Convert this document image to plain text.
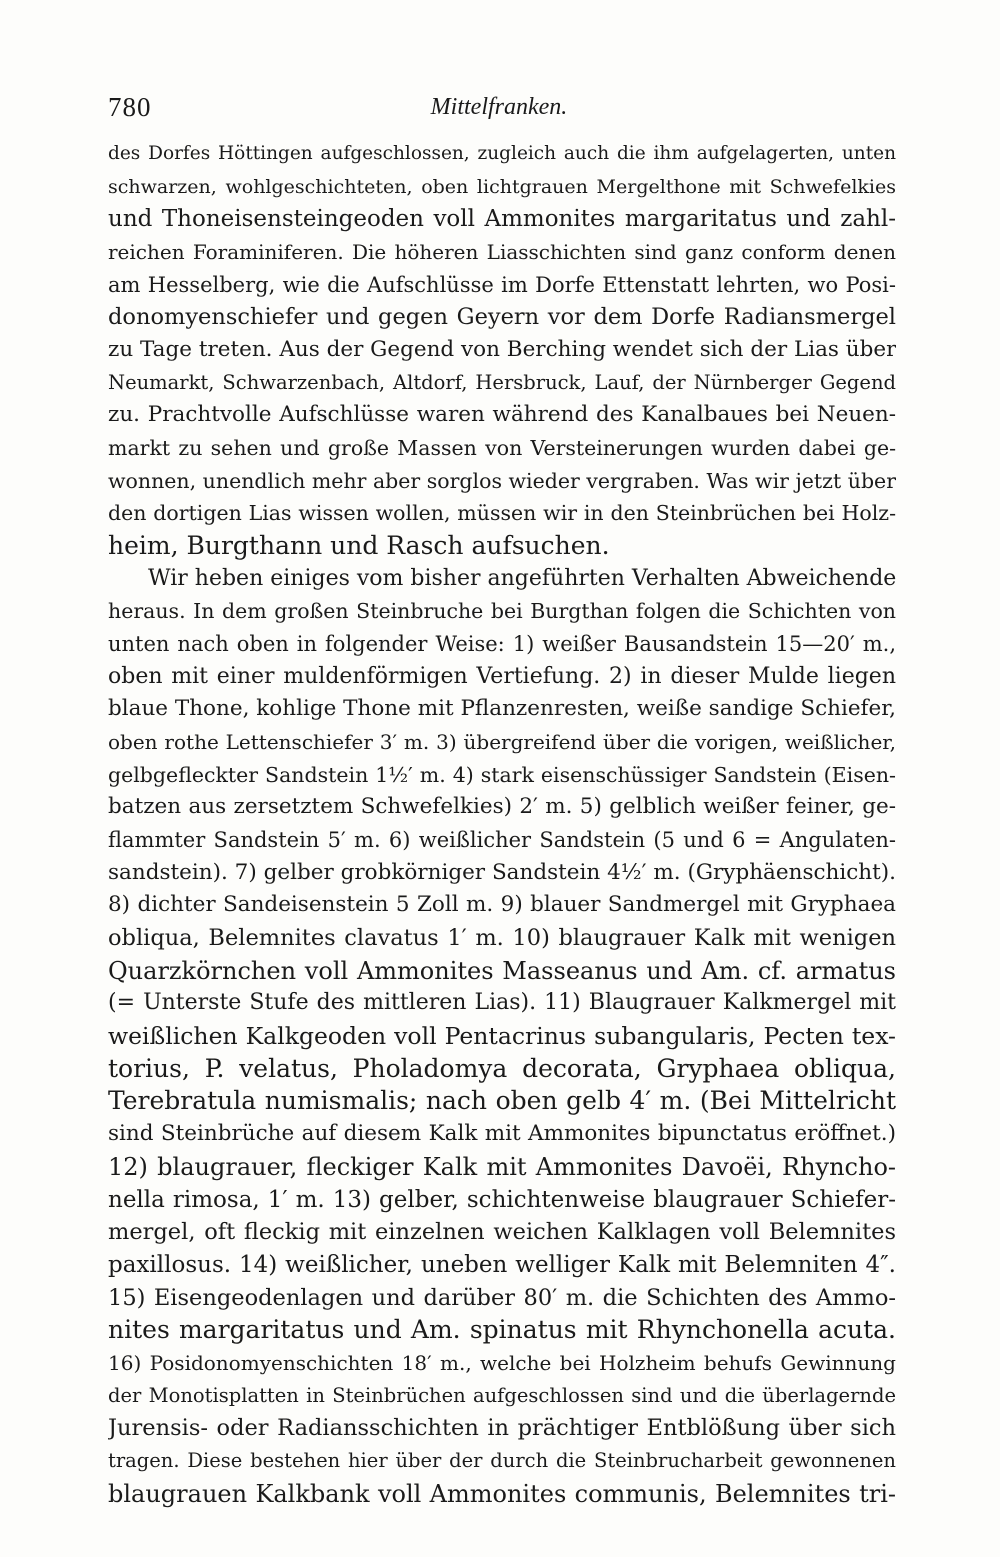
780	Mittelfranken.
des Dorfes Höttingen aufgeschlossen, zugleich auch die ihm aufgelagerten, unten
schwarzen, wohlgeschichteten, oben lichtgrauen Mergelthone mit Schwefelkies
und Thoneisensteingeoden voll Ammonites margaritatus und zahl-
reichen Foraminiferen. Die höheren Liasschichten sind ganz conform denen
am Hesselberg, wie die Aufschlüsse im Dorfe Ettenstatt lehrten, wo Posi-
donomyenschiefer und gegen Geyern vor dem Dorfe Radiansmergel
zu Tage treten. Aus der Gegend von Berching wendet sich der Lias über
Neumarkt, Schwarzenbach, Altdorf, Hersbruck, Lauf, der Nürnberger Gegend
zu. Prachtvolle Aufschlüsse waren während des Kanalbaues bei Neuen-
markt zu sehen und große Massen von Versteinerungen wurden dabei ge-
wonnen, unendlich mehr aber sorglos wieder vergraben. Was wir jetzt über
den dortigen Lias wissen wollen, müssen wir in den Steinbrüchen bei Holz-
heim, Burgthann und Rasch aufsuchen.
Wir heben einiges vom bisher angeführten Verhalten Abweichende
heraus. In dem großen Steinbruche bei Burgthan folgen die Schichten von
unten nach oben in folgender Weise: 1) weißer Bausandstein 15—20′ m.,
oben mit einer muldenförmigen Vertiefung. 2) in dieser Mulde liegen
blaue Thone, kohlige Thone mit Pflanzenresten, weiße sandige Schiefer,
oben rothe Lettenschiefer 3′ m. 3) übergreifend über die vorigen, weißlicher,
gelbgefleckter Sandstein 1½′ m. 4) stark eisenschüssiger Sandstein (Eisen-
batzen aus zersetztem Schwefelkies) 2′ m. 5) gelblich weißer feiner, ge-
flammter Sandstein 5′ m. 6) weißlicher Sandstein (5 und 6 = Angulaten-
sandstein). 7) gelber grobkörniger Sandstein 4½′ m. (Gryphäenschicht).
8) dichter Sandeisenstein 5 Zoll m. 9) blauer Sandmergel mit Gryphaea
obliqua, Belemnites clavatus 1′ m. 10) blaugrauer Kalk mit wenigen
Quarzkörnchen voll Ammonites Masseanus und Am. cf. armatus
(= Unterste Stufe des mittleren Lias). 11) Blaugrauer Kalkmergel mit
weißlichen Kalkgeoden voll Pentacrinus subangularis, Pecten tex-
torius, P. velatus, Pholadomya decorata, Gryphaea obliqua,
Terebratula numismalis; nach oben gelb 4′ m. (Bei Mittelricht
sind Steinbrüche auf diesem Kalk mit Ammonites bipunctatus eröffnet.)
12) blaugrauer, fleckiger Kalk mit Ammonites Davoëi, Rhyncho-
nella rimosa, 1′ m. 13) gelber, schichtenweise blaugrauer Schiefer-
mergel, oft fleckig mit einzelnen weichen Kalklagen voll Belemnites
paxillosus. 14) weißlicher, uneben welliger Kalk mit Belemniten 4″.
15) Eisengeodenlagen und darüber 80′ m. die Schichten des Ammo-
nites margaritatus und Am. spinatus mit Rhynchonella acuta.
16) Posidonomyenschichten 18′ m., welche bei Holzheim behufs Gewinnung
der Monotisplatten in Steinbrüchen aufgeschlossen sind und die überlagernde
Jurensis- oder Radiansschichten in prächtiger Entblößung über sich
tragen. Diese bestehen hier über der durch die Steinbrucharbeit gewonnenen
blaugrauen Kalkbank voll Ammonites communis, Belemnites tri-
